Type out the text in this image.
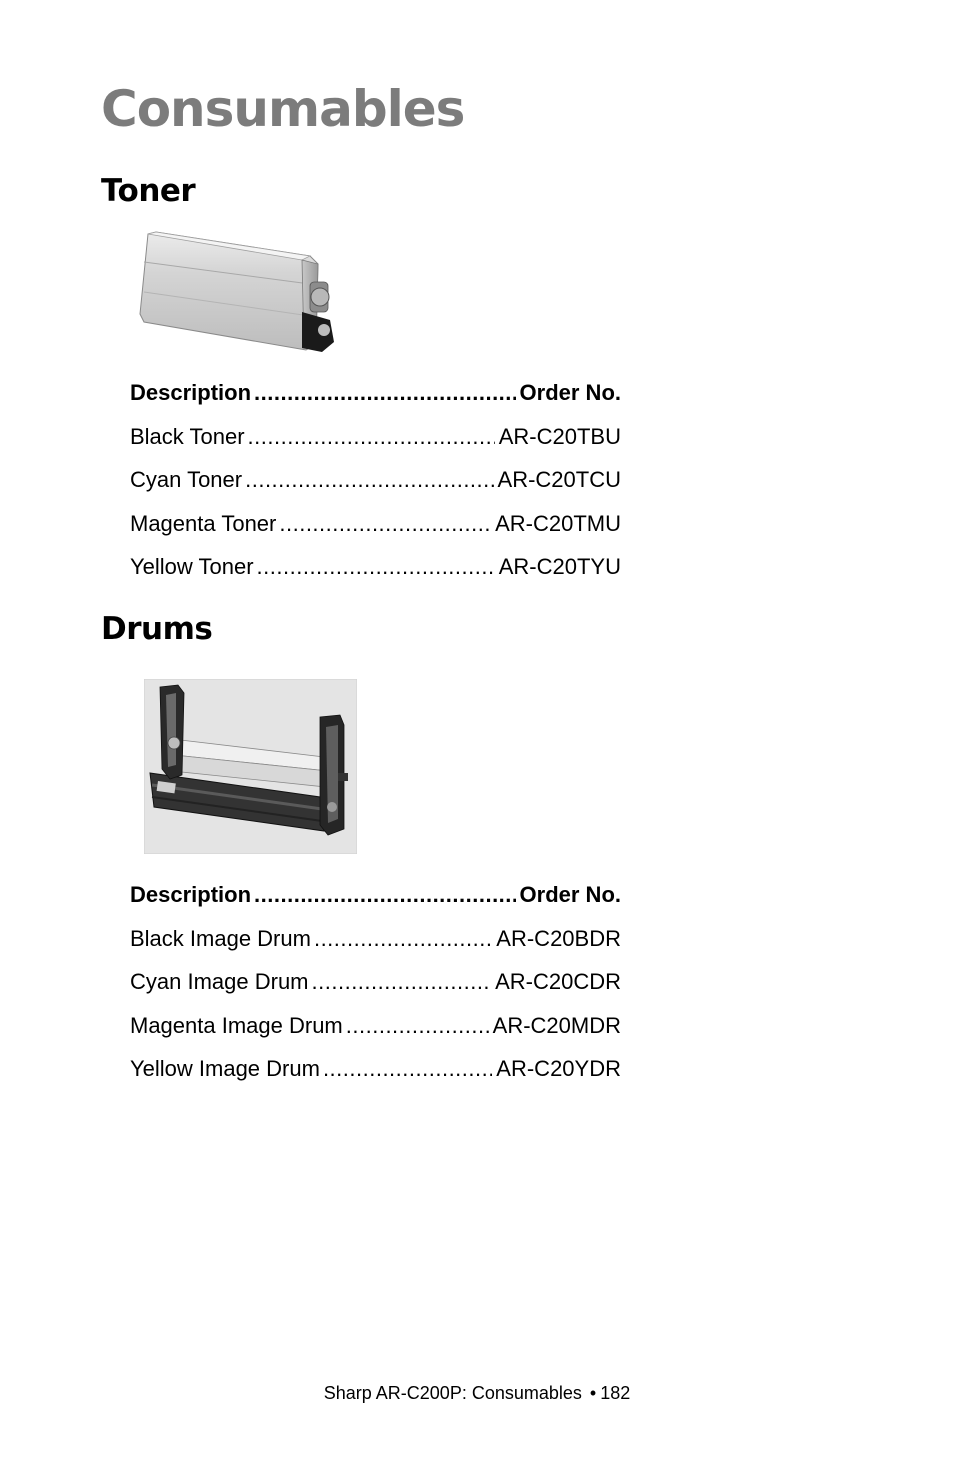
Consumables
Toner
Description .....	Order No.
Black Toner .....	AR-C20TBU
Cyan Toner .....	AR-C20TCU
Magenta Toner .....	AR-C20TMU
Yellow Toner .....	AR-C20TYU
Drums
Description .....	Order No.
Black Image Drum .....	AR-C20BDR
Cyan Image Drum .....	AR-C20CDR
Magenta Image Drum .....	AR-C20MDR
Yellow Image Drum .....	AR-C20YDR
Sharp AR-C200P: Consumables • 182
